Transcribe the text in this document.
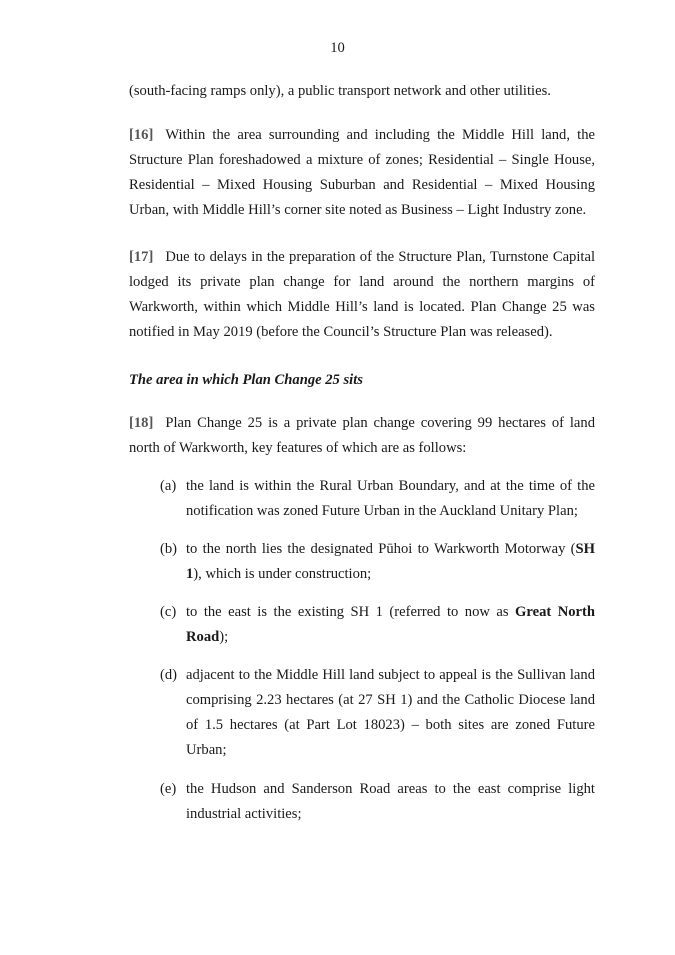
10
(south-facing ramps only), a public transport network and other utilities.
[16] Within the area surrounding and including the Middle Hill land, the Structure Plan foreshadowed a mixture of zones; Residential – Single House, Residential – Mixed Housing Suburban and Residential – Mixed Housing Urban, with Middle Hill’s corner site noted as Business – Light Industry zone.
[17] Due to delays in the preparation of the Structure Plan, Turnstone Capital lodged its private plan change for land around the northern margins of Warkworth, within which Middle Hill’s land is located. Plan Change 25 was notified in May 2019 (before the Council’s Structure Plan was released).
The area in which Plan Change 25 sits
[18] Plan Change 25 is a private plan change covering 99 hectares of land north of Warkworth, key features of which are as follows:
(a) the land is within the Rural Urban Boundary, and at the time of the notification was zoned Future Urban in the Auckland Unitary Plan;
(b) to the north lies the designated Pūhoi to Warkworth Motorway (SH 1), which is under construction;
(c) to the east is the existing SH 1 (referred to now as Great North Road);
(d) adjacent to the Middle Hill land subject to appeal is the Sullivan land comprising 2.23 hectares (at 27 SH 1) and the Catholic Diocese land of 1.5 hectares (at Part Lot 18023) – both sites are zoned Future Urban;
(e) the Hudson and Sanderson Road areas to the east comprise light industrial activities;
